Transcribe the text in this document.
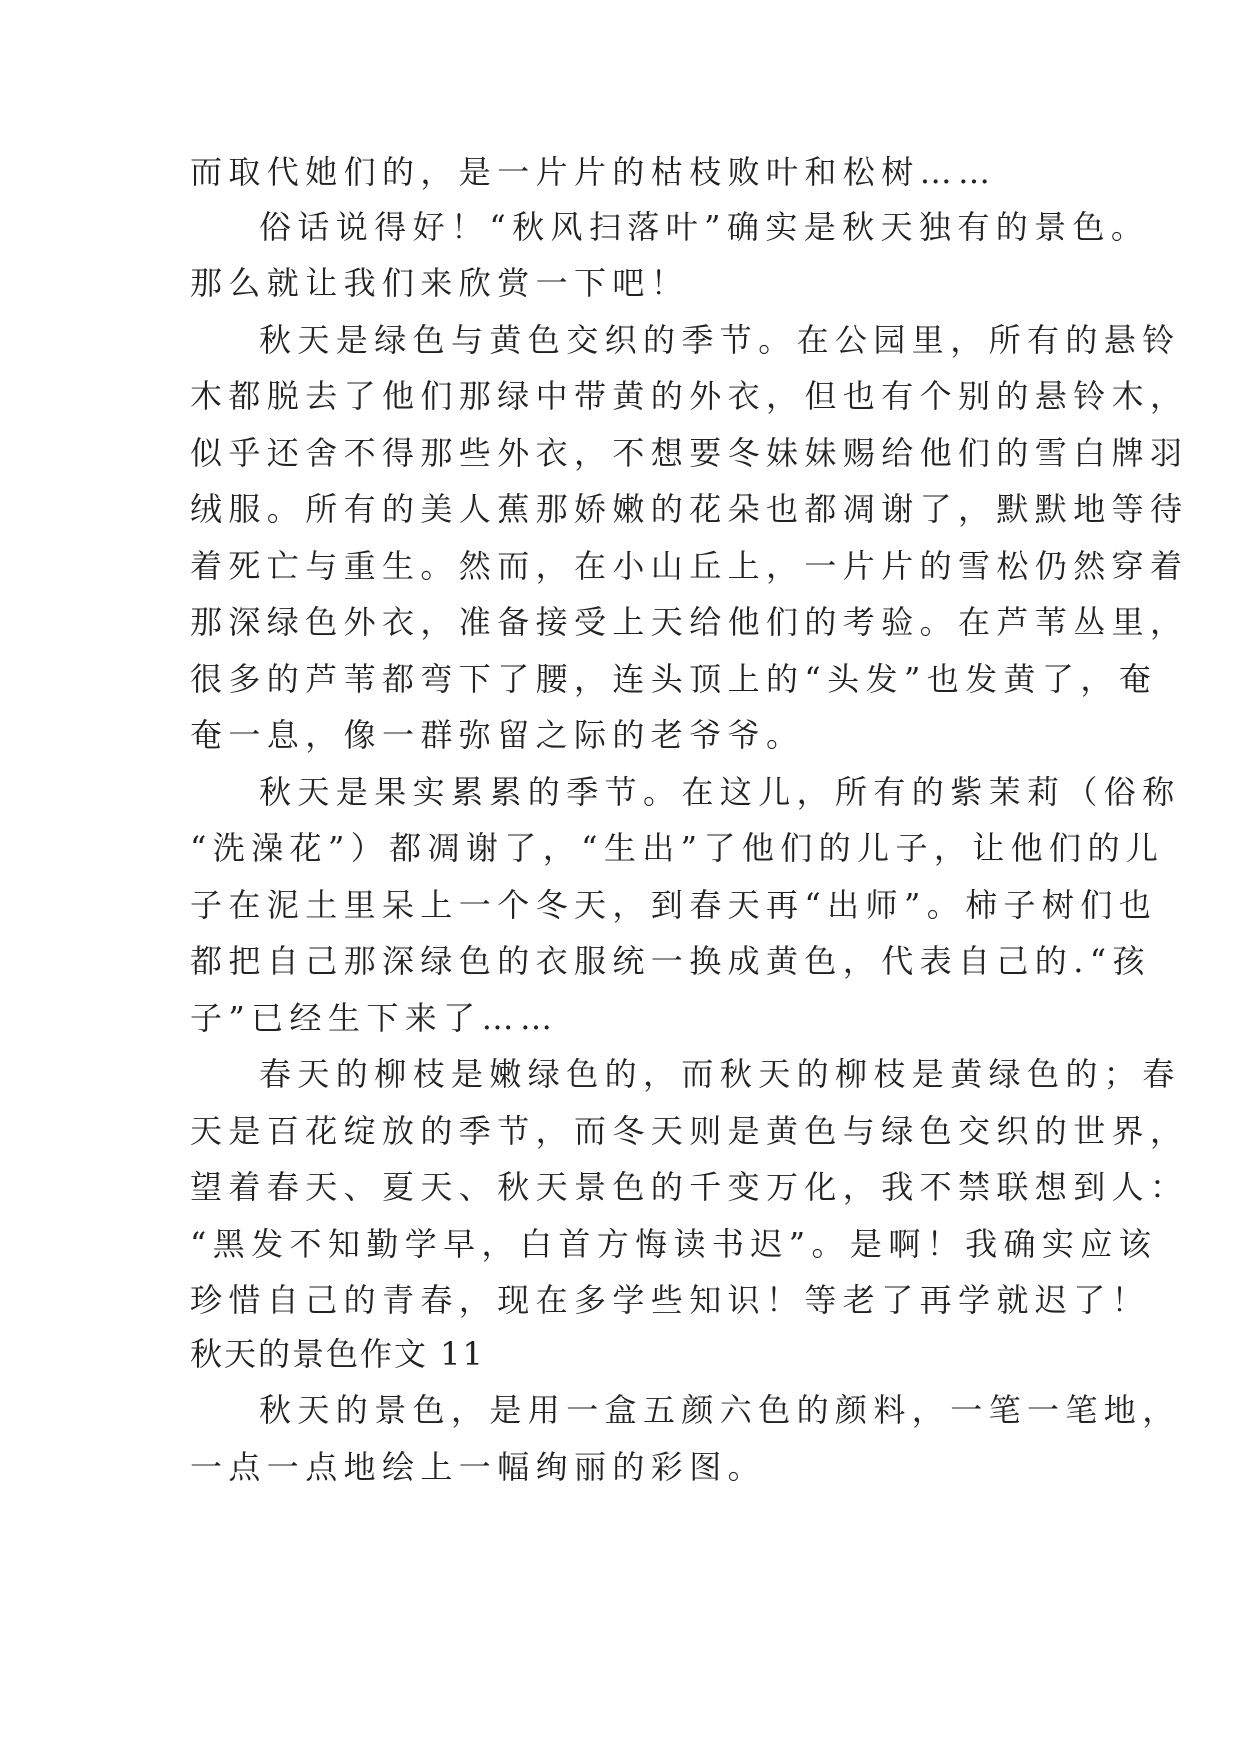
而取代她们的，是一片片的枯枝败叶和松树……
俗话说得好！“秋风扫落叶”确实是秋天独有的景色。
那么就让我们来欣赏一下吧！
秋天是绿色与黄色交织的季节。在公园里，所有的悬铃
木都脱去了他们那绿中带黄的外衣，但也有个别的悬铃木，
似乎还舍不得那些外衣，不想要冬妹妹赐给他们的雪白牌羽
绒服。所有的美人蕉那娇嫩的花朵也都凋谢了，默默地等待
着死亡与重生。然而，在小山丘上，一片片的雪松仍然穿着
那深绿色外衣，准备接受上天给他们的考验。在芦苇丛里，
很多的芦苇都弯下了腰，连头顶上的“头发”也发黄了，奄
奄一息，像一群弥留之际的老爷爷。
秋天是果实累累的季节。在这儿，所有的紫茉莉（俗称
“洗澡花”）都凋谢了，“生出”了他们的儿子，让他们的儿
子在泥土里呆上一个冬天，到春天再“出师”。柿子树们也
都把自己那深绿色的衣服统一换成黄色，代表自己的.“孩
子”已经生下来了……
春天的柳枝是嫩绿色的，而秋天的柳枝是黄绿色的；春
天是百花绽放的季节，而冬天则是黄色与绿色交织的世界，
望着春天、夏天、秋天景色的千变万化，我不禁联想到人：
“黑发不知勤学早，白首方悔读书迟”。是啊！我确实应该
珍惜自己的青春，现在多学些知识！等老了再学就迟了！
秋天的景色作文 11
秋天的景色，是用一盒五颜六色的颜料，一笔一笔地，
一点一点地绘上一幅绚丽的彩图。
